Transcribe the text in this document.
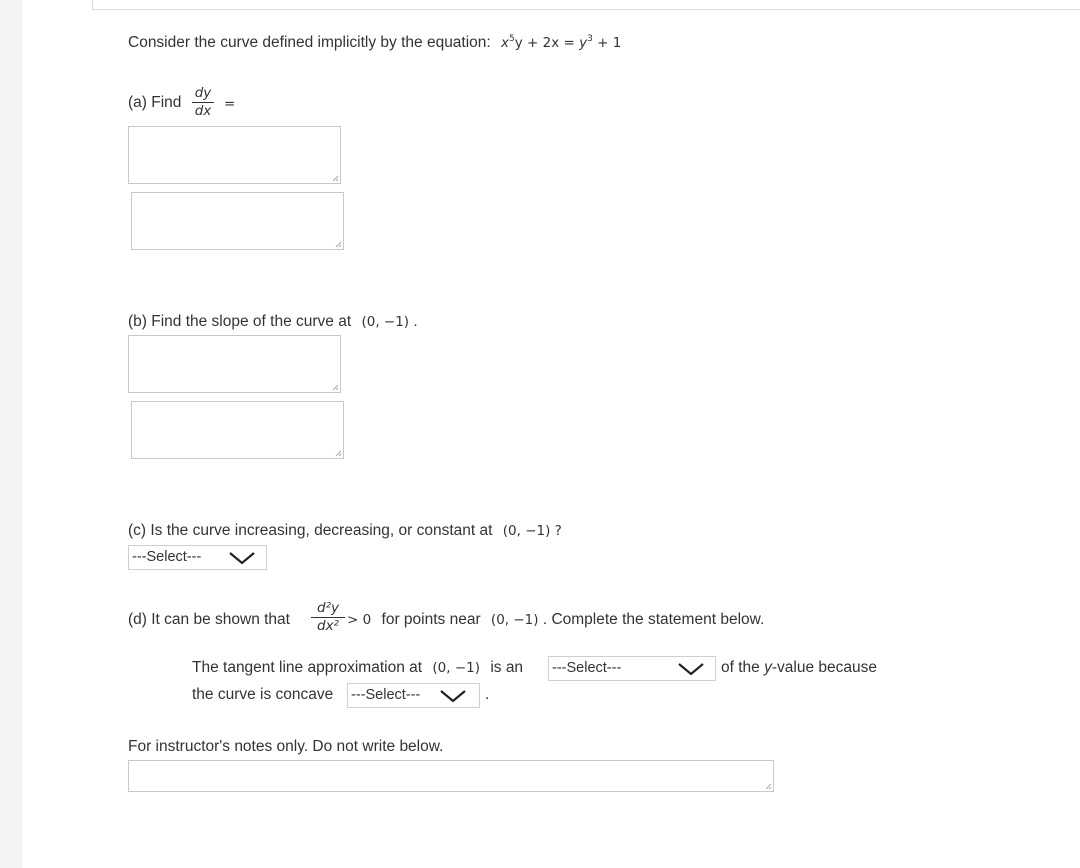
Consider the curve defined implicitly by the equation: $x^5y + 2x = y^3 + 1$
(a) Find
dy
dx =
(b) Find the slope of the curve at (0, −1) .
(c) Is the curve increasing, decreasing, or constant at (0, −1) ?
---Select---
(d) It can be shown that
d²y
dx² > 0 for points near (0, −1) . Complete the statement below.
The tangent line approximation at (0, −1) is an ---Select---	of the y-value because
the curve is concave ---Select---	.
For instructor's notes only. Do not write below.
